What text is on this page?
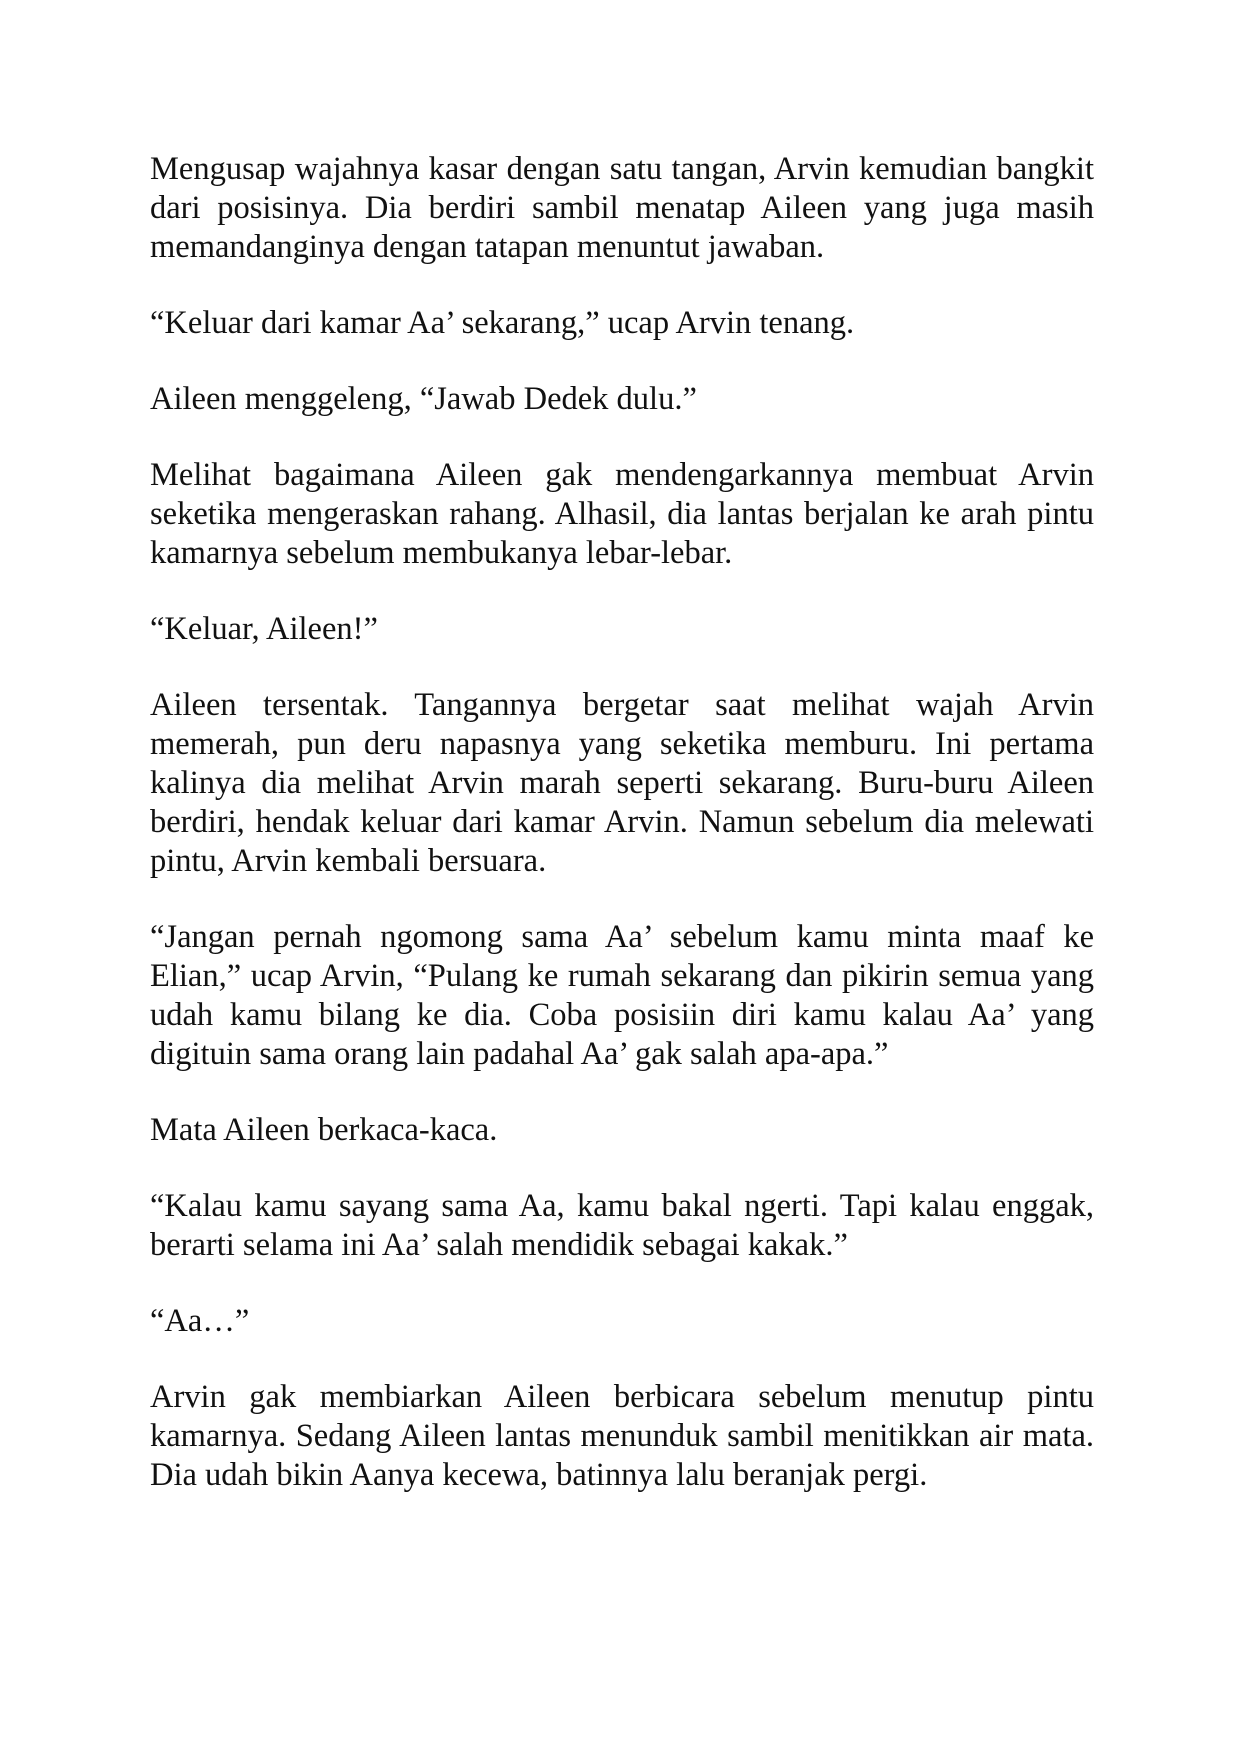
Mengusap wajahnya kasar dengan satu tangan, Arvin kemudian bangkit dari posisinya. Dia berdiri sambil menatap Aileen yang juga masih memandanginya dengan tatapan menuntut jawaban.

“Keluar dari kamar Aa’ sekarang,” ucap Arvin tenang.

Aileen menggeleng, “Jawab Dedek dulu.”

Melihat bagaimana Aileen gak mendengarkannya membuat Arvin seketika mengeraskan rahang. Alhasil, dia lantas berjalan ke arah pintu kamarnya sebelum membukanya lebar-lebar.

“Keluar, Aileen!”

Aileen tersentak. Tangannya bergetar saat melihat wajah Arvin memerah, pun deru napasnya yang seketika memburu. Ini pertama kalinya dia melihat Arvin marah seperti sekarang. Buru-buru Aileen berdiri, hendak keluar dari kamar Arvin. Namun sebelum dia melewati pintu, Arvin kembali bersuara.

“Jangan pernah ngomong sama Aa’ sebelum kamu minta maaf ke Elian,” ucap Arvin, “Pulang ke rumah sekarang dan pikirin semua yang udah kamu bilang ke dia. Coba posisiin diri kamu kalau Aa’ yang digituin sama orang lain padahal Aa’ gak salah apa-apa.”

Mata Aileen berkaca-kaca.

“Kalau kamu sayang sama Aa, kamu bakal ngerti. Tapi kalau enggak, berarti selama ini Aa’ salah mendidik sebagai kakak.”

“Aa…”

Arvin gak membiarkan Aileen berbicara sebelum menutup pintu kamarnya. Sedang Aileen lantas menunduk sambil menitikkan air mata. Dia udah bikin Aanya kecewa, batinnya lalu beranjak pergi.
